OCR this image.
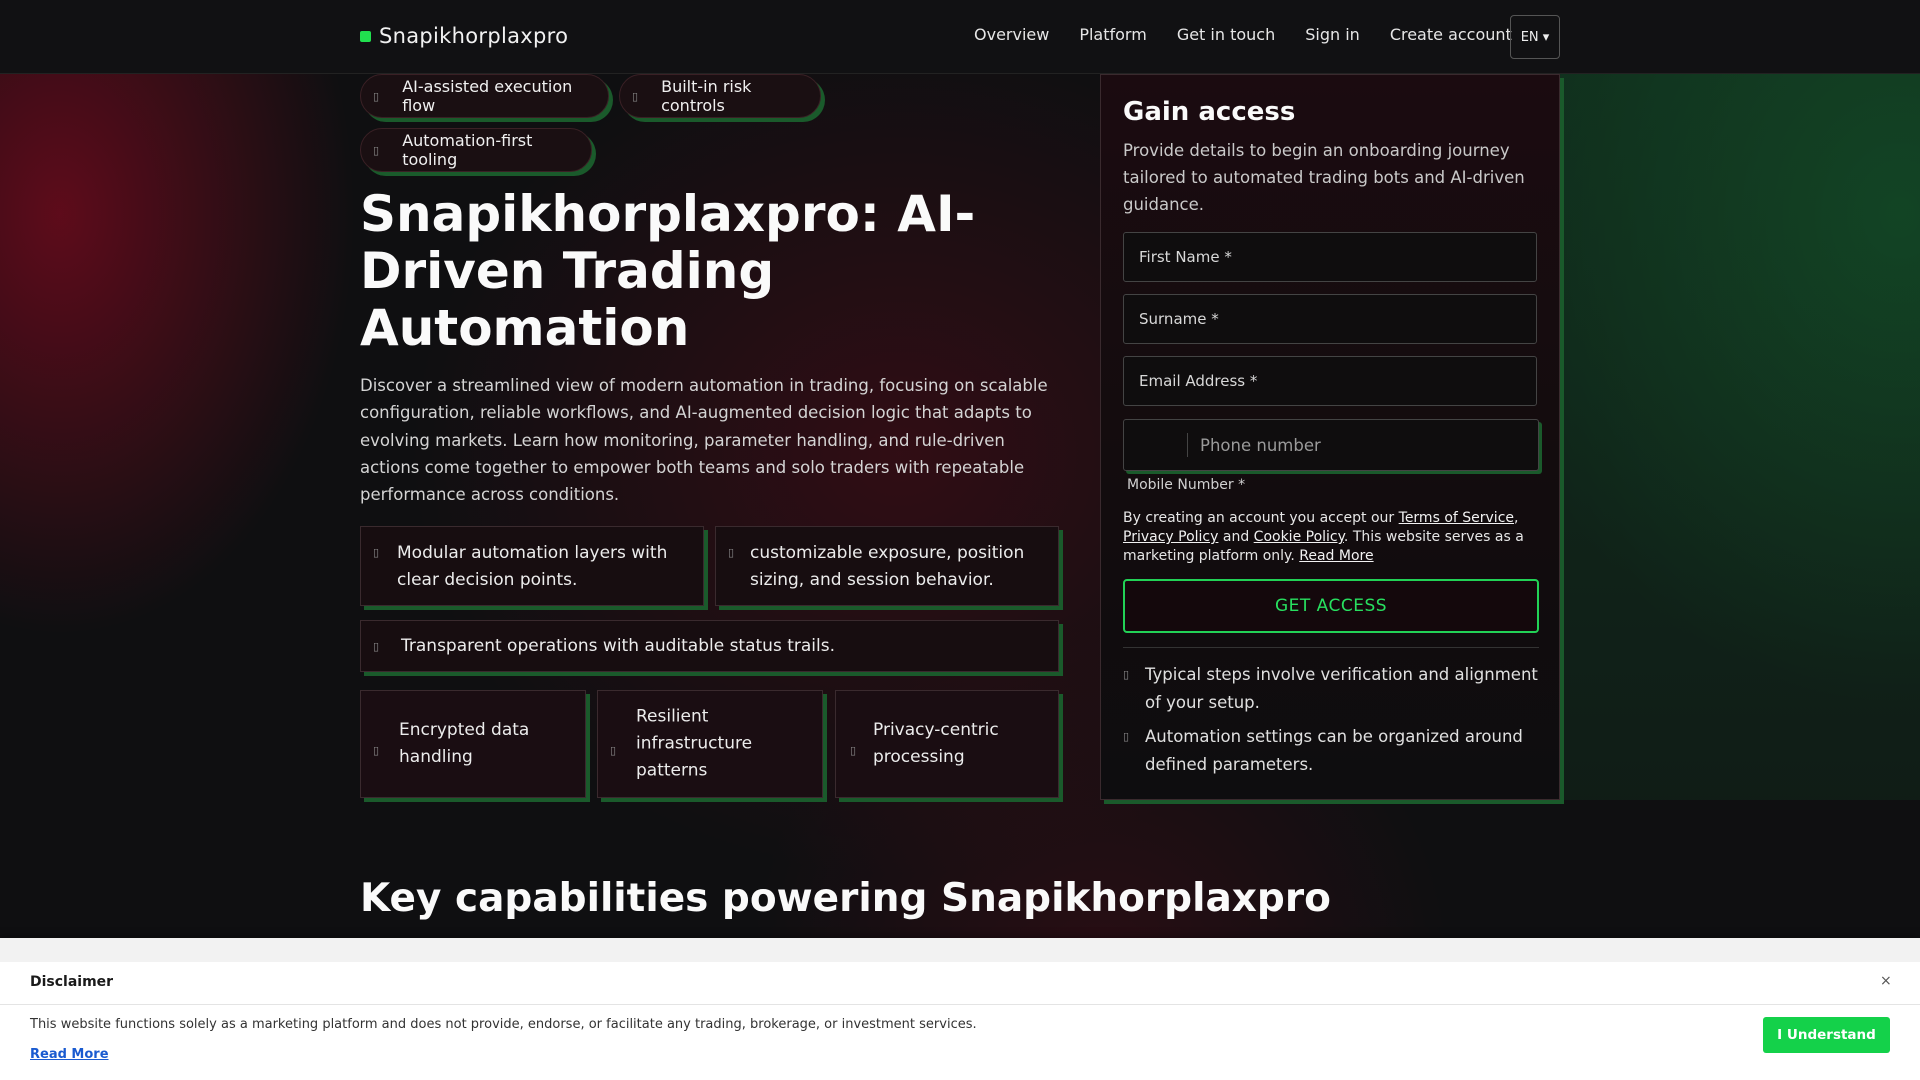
Snapikhorplaxpro	Overview Platform Get in touch Sign in Create account EN ▾
▯ AI-assisted execution flow	▯ Built-in risk controls
▯ Automation-first tooling
Snapikhorplaxpro: AI-Driven Trading Automation

Discover a streamlined view of modern automation in trading, focusing on scalable configuration, reliable workflows, and AI-augmented decision logic that adapts to evolving markets. Learn how monitoring, parameter handling, and rule-driven actions come together to empower both teams and solo traders with repeatable performance across conditions.

▯ Modular automation layers with clear decision points.
▯ customizable exposure, position sizing, and session behavior.
▯ Transparent operations with auditable status trails.
▯
Encrypted data handling	▯
Resilient infrastructure patterns
▯
Privacy-centric processing
Key capabilities powering Snapikhorplaxpro
Gain access

Provide details to begin an onboarding journey tailored to automated trading bots and AI-driven guidance.

First Name *
Surname *
Email Address *
Phone number
Mobile Number *

By creating an account you accept our Terms of Service, Privacy Policy and Cookie Policy. This website serves as a marketing platform only. Read More

GET ACCESS
▯ Typical steps involve verification and alignment of your setup.
▯ Automation settings can be organized around defined parameters.
Disclaimer	×
This website functions solely as a marketing platform and does not provide, endorse, or facilitate any trading, brokerage, or investment services.
Read More
I Understand
